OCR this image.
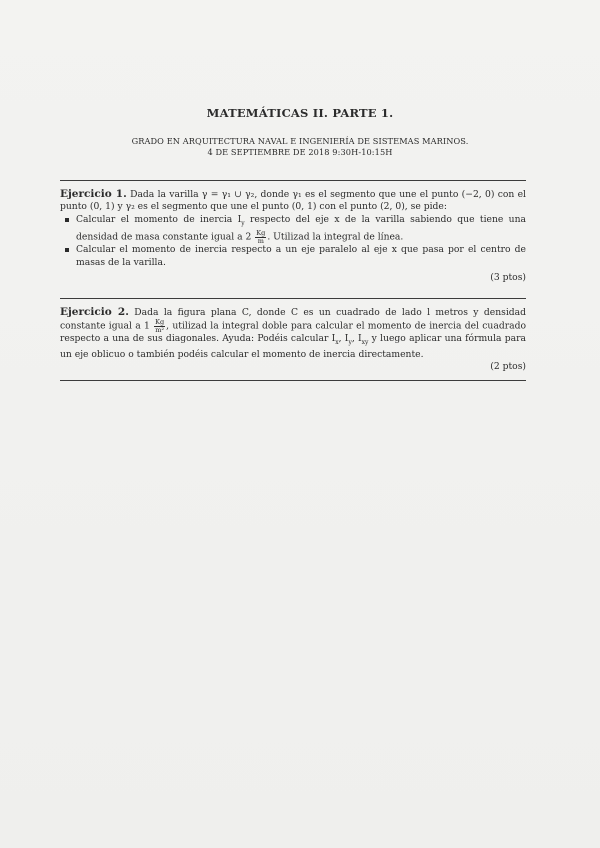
MATEMÁTICAS II. PARTE 1.
GRADO EN ARQUITECTURA NAVAL E INGENIERÍA DE SISTEMAS MARINOS.
4 DE SEPTIEMBRE DE 2018 9:30H-10:15H
Ejercicio 1. Dada la varilla γ = γ₁ ∪ γ₂, donde γ₁ es el segmento que une el punto (−2, 0) con el punto (0, 1) y γ₂ es el segmento que une el punto (0, 1) con el punto (2, 0), se pide:
Calcular el momento de inercia $I_y$ respecto del eje x de la varilla sabiendo que tiene una densidad de masa constante igual a $2 \frac{Kg}{m}$ . Utilizad la integral de línea.
Calcular el momento de inercia respecto a un eje paralelo al eje x que pasa por el centro de masas de la varilla.
(3 ptos)
Ejercicio 2. Dada la figura plana C, donde C es un cuadrado de lado l metros y densidad constante igual a $1 \frac{Kg}{\text{m²}}$ , utilizad la integral doble para calcular el momento de inercia del cuadrado respecto a una de sus diagonales. Ayuda: Podéis calcular $I_x$, $I_y$, $I_{xy}$ y luego aplicar una fórmula para un eje oblicuo o también podéis calcular el momento de inercia directamente.
(2 ptos)
